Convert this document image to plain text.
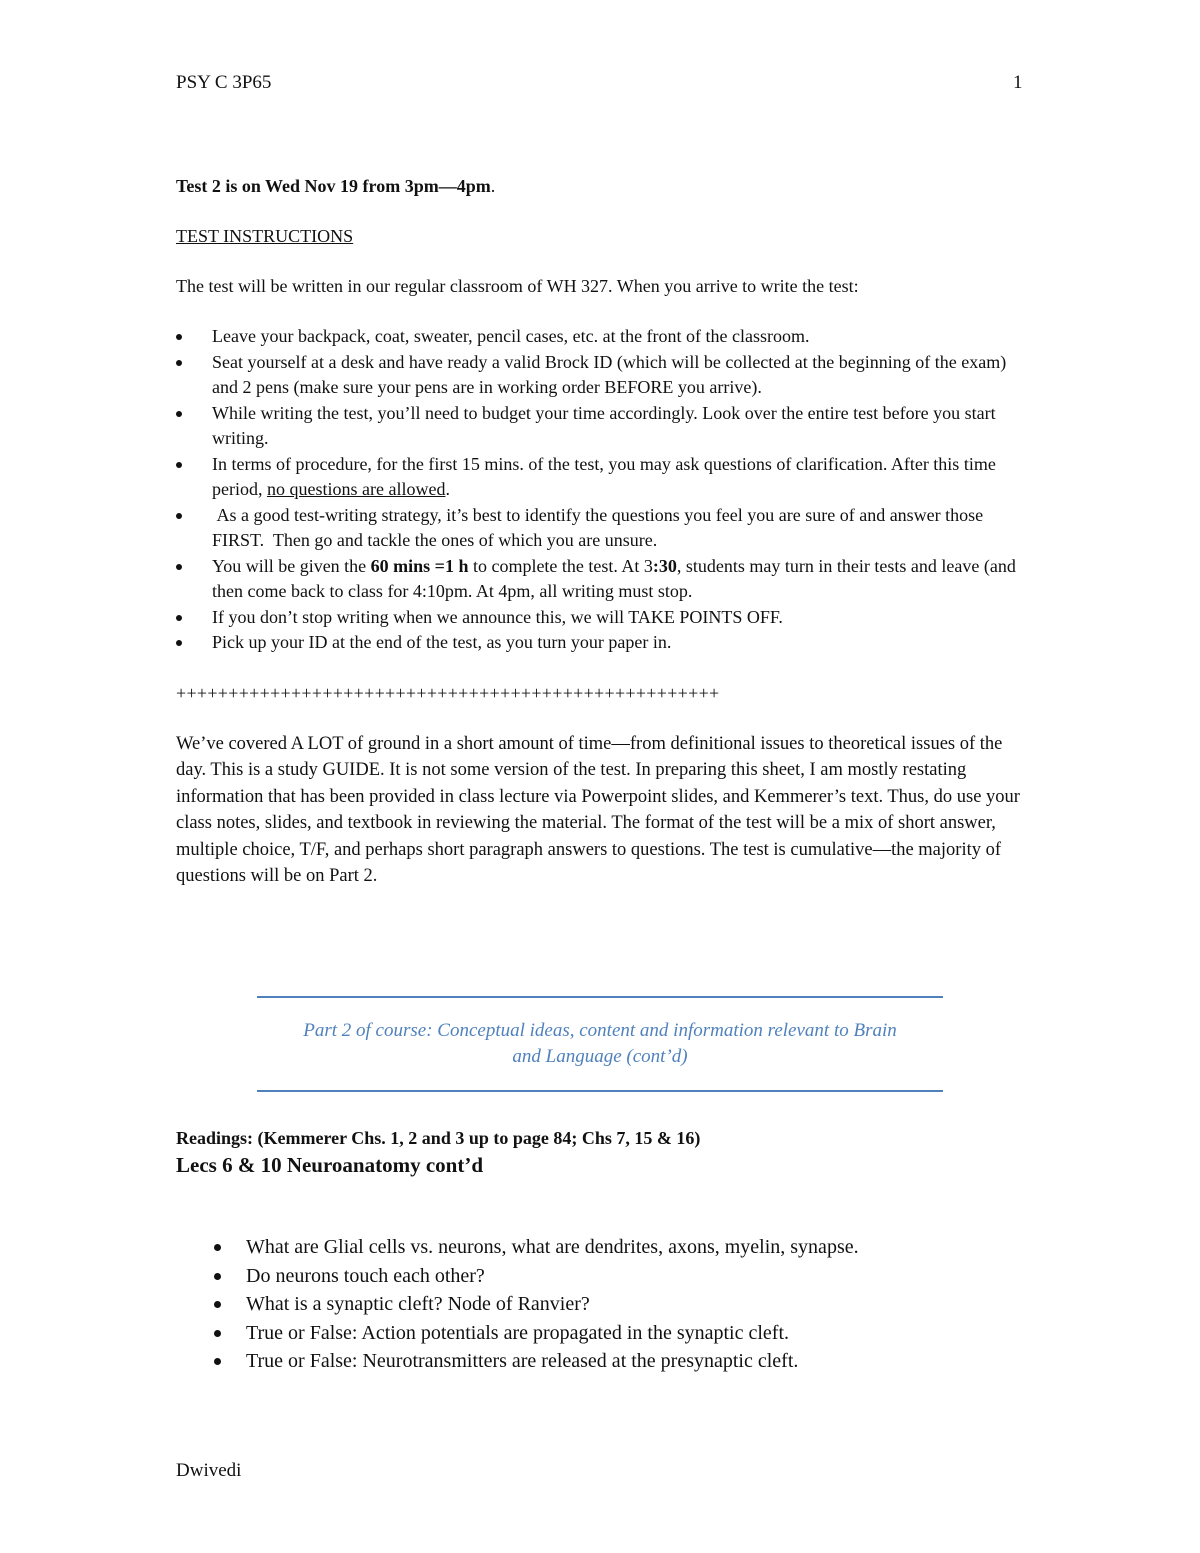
PSY C 3P65	1

Test 2 is on Wed Nov 19 from 3pm—4pm.

TEST INSTRUCTIONS

The test will be written in our regular classroom of WH 327. When you arrive to write the test:

Leave your backpack, coat, sweater, pencil cases, etc. at the front of the classroom.
Seat yourself at a desk and have ready a valid Brock ID (which will be collected at the beginning of the exam) and 2 pens (make sure your pens are in working order BEFORE you arrive).
While writing the test, you’ll need to budget your time accordingly. Look over the entire test before you start writing.
In terms of procedure, for the first 15 mins. of the test, you may ask questions of clarification. After this time period, no questions are allowed.
As a good test-writing strategy, it’s best to identify the questions you feel you are sure of and answer those FIRST.  Then go and tackle the ones of which you are unsure.
You will be given the 60 mins =1 h to complete the test. At 3:30, students may turn in their tests and leave (and then come back to class for 4:10pm. At 4pm, all writing must stop.
If you don’t stop writing when we announce this, we will TAKE POINTS OFF.
Pick up your ID at the end of the test, as you turn your paper in.

++++++++++++++++++++++++++++++++++++++++++++++++++++

We’ve covered A LOT of ground in a short amount of time—from definitional issues to theoretical issues of the day. This is a study GUIDE. It is not some version of the test. In preparing this sheet, I am mostly restating information that has been provided in class lecture via Powerpoint slides, and Kemmerer’s text. Thus, do use your class notes, slides, and textbook in reviewing the material. The format of the test will be a mix of short answer, multiple choice, T/F, and perhaps short paragraph answers to questions. The test is cumulative—the majority of questions will be on Part 2.

Part 2 of course: Conceptual ideas, content and information relevant to Brain
and Language (cont’d)

Readings: (Kemmerer Chs. 1, 2 and 3 up to page 84; Chs 7, 15 & 16)

Lecs 6 & 10 Neuroanatomy cont’d

What are Glial cells vs. neurons, what are dendrites, axons, myelin, synapse.
Do neurons touch each other?
What is a synaptic cleft? Node of Ranvier?
True or False: Action potentials are propagated in the synaptic cleft.
True or False: Neurotransmitters are released at the presynaptic cleft.
Dwivedi
